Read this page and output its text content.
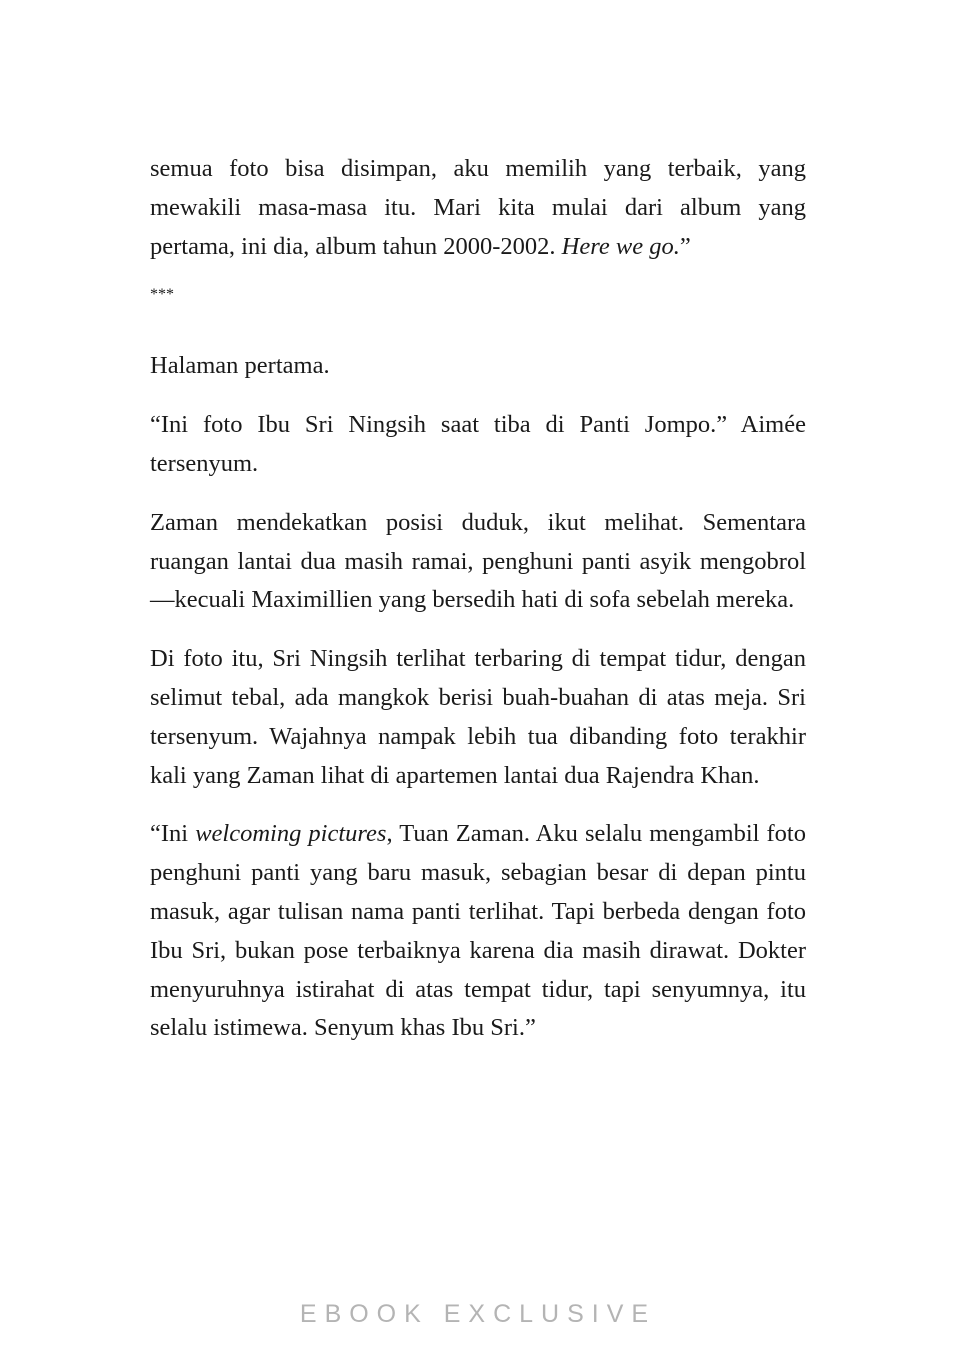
semua foto bisa disimpan, aku memilih yang terbaik, yang mewakili masa-masa itu. Mari kita mulai dari album yang pertama, ini dia, album tahun 2000-2002. Here we go.”

***

Halaman pertama.

“Ini foto Ibu Sri Ningsih saat tiba di Panti Jompo.” Aimée tersenyum.

Zaman mendekatkan posisi duduk, ikut melihat. Sementara ruangan lantai dua masih ramai, penghuni panti asyik mengobrol—kecuali Maximillien yang bersedih hati di sofa sebelah mereka.

Di foto itu, Sri Ningsih terlihat terbaring di tempat tidur, dengan selimut tebal, ada mangkok berisi buah-buahan di atas meja. Sri tersenyum. Wajahnya nampak lebih tua dibanding foto terakhir kali yang Zaman lihat di apartemen lantai dua Rajendra Khan.

“Ini welcoming pictures, Tuan Zaman. Aku selalu mengambil foto penghuni panti yang baru masuk, sebagian besar di depan pintu masuk, agar tulisan nama panti terlihat. Tapi berbeda dengan foto Ibu Sri, bukan pose terbaiknya karena dia masih dirawat. Dokter menyuruhnya istirahat di atas tempat tidur, tapi senyumnya, itu selalu istimewa. Senyum khas Ibu Sri.”

EBOOK EXCLUSIVE
